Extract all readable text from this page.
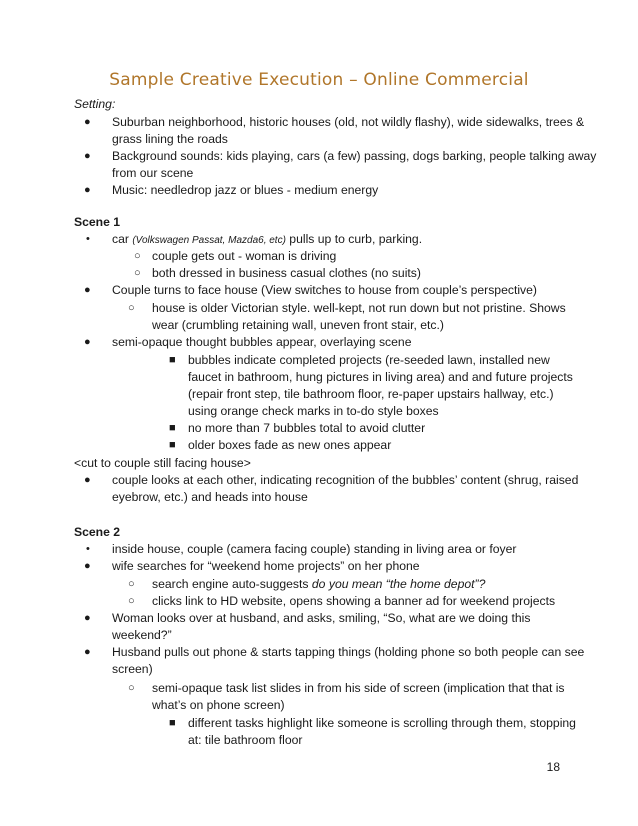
Sample Creative Execution – Online Commercial
Setting:
● Suburban neighborhood, historic houses (old, not wildly flashy), wide sidewalks, trees &
grass lining the roads
● Background sounds: kids playing, cars (a few) passing, dogs barking, people talking away
from our scene
● Music: needledrop jazz or blues - medium energy
Scene 1
• car (Volkswagen Passat, Mazda6, etc) pulls up to curb, parking.
○ couple gets out - woman is driving
○ both dressed in business casual clothes (no suits)
● Couple turns to face house (View switches to house from couple’s perspective)
○ house is older Victorian style. well-kept, not run down but not pristine. Shows
wear (crumbling retaining wall, uneven front stair, etc.)
● semi-opaque thought bubbles appear, overlaying scene
■ bubbles indicate completed projects (re-seeded lawn, installed new
faucet in bathroom, hung pictures in living area) and and future projects
(repair front step, tile bathroom floor, re-paper upstairs hallway, etc.)
using orange check marks in to-do style boxes
■ no more than 7 bubbles total to avoid clutter
■ older boxes fade as new ones appear
<cut to couple still facing house>
● couple looks at each other, indicating recognition of the bubbles’ content (shrug, raised
eyebrow, etc.) and heads into house
Scene 2
• inside house, couple (camera facing couple) standing in living area or foyer
● wife searches for “weekend home projects” on her phone
○ search engine auto-suggests do you mean “the home depot”?
○ clicks link to HD website, opens showing a banner ad for weekend projects
● Woman looks over at husband, and asks, smiling, “So, what are we doing this
weekend?”
● Husband pulls out phone & starts tapping things (holding phone so both people can see
screen)
○ semi-opaque task list slides in from his side of screen (implication that that is
what’s on phone screen)
■ different tasks highlight like someone is scrolling through them, stopping
at: tile bathroom floor
18
